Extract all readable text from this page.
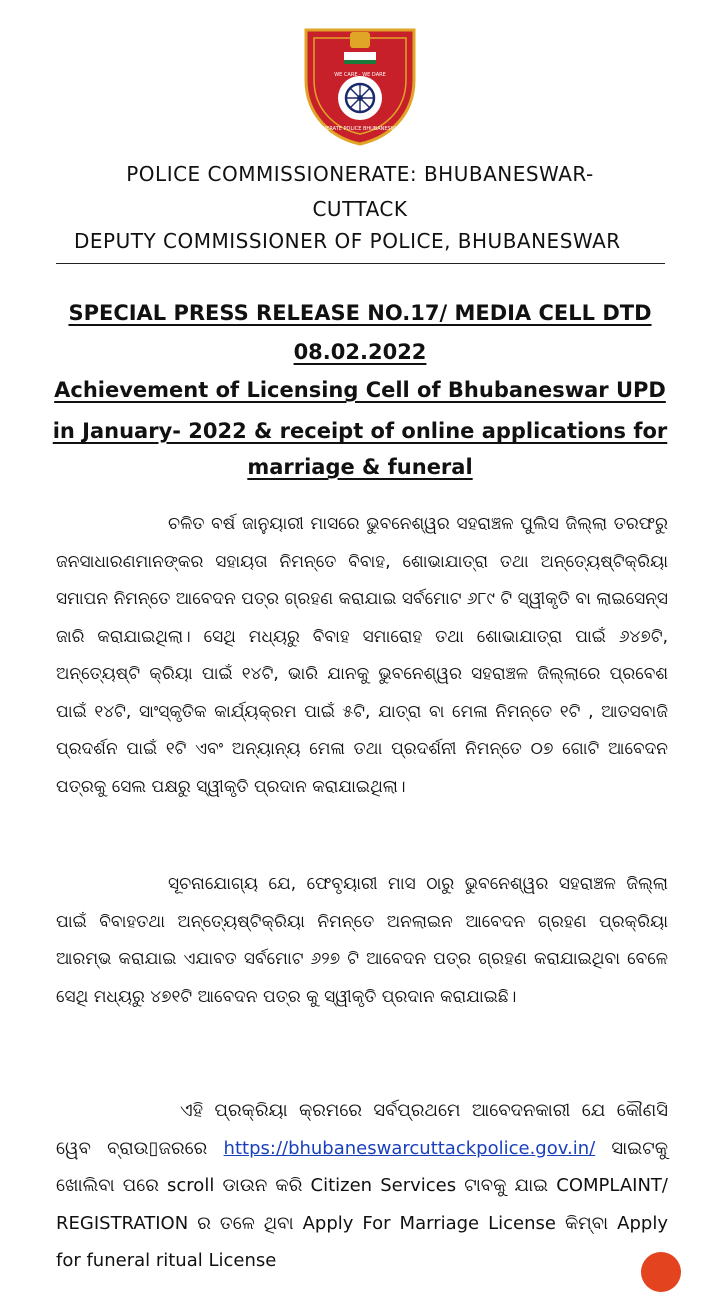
WE CARE · WE DARE
COMMISSIONERATE POLICE BHUBANESWAR CUTTACK
POLICE COMMISSIONERATE: BHUBANESWAR-
CUTTACK
DEPUTY COMMISSIONER OF POLICE, BHUBANESWAR
SPECIAL PRESS RELEASE NO.17/ MEDIA CELL DTD
08.02.2022
Achievement of Licensing Cell of Bhubaneswar UPD
in January- 2022 & receipt of online applications for
marriage & funeral
ଚଳିତ ବର୍ଷ ଜାନୁୟାରୀ ମାସରେ ଭୁବନେଶ୍ୱର ସହରାଞ୍ଚଳ ପୁଲିସ ଜିଲ୍ଲା ତରଫରୁ ଜନସାଧାରଣମାନଙ୍କର ସହାୟତା ନିମନ୍ତେ ବିବାହ, ଶୋଭାଯାତ୍ରା ତଥା ଅନ୍ତ୍ୟେଷ୍ଟିକ୍ରିୟା ସମାପନ ନିମନ୍ତେ ଆବେଦନ ପତ୍ର ଗ୍ରହଣ କରାଯାଇ ସର୍ବମୋଟ ୬୮୯ ଟି ସ୍ୱୀକୃତି ବା ଲାଇସେନ୍ସ ଜାରି କରାଯାଇଥିଲା। ସେଥି ମଧ୍ୟରୁ ବିବାହ ସମାରୋହ ତଥା ଶୋଭାଯାତ୍ରା ପାଇଁ ୬୪୭ଟି, ଅନ୍ତ୍ୟେଷ୍ଟି କ୍ରିୟା ପାଇଁ ୧୪ଟି, ଭାରି ଯାନକୁ ଭୁବନେଶ୍ୱର ସହରାଞ୍ଚଳ ଜିଲ୍ଲାରେ ପ୍ରବେଶ ପାଇଁ ୧୪ଟି, ସାଂସ୍କୃତିକ କାର୍ଯ୍ୟକ୍ରମ ପାଇଁ ୫ଟି, ଯାତ୍ରା ବା ମେଳା ନିମନ୍ତେ ୧ଟି , ଆତସବାଜି ପ୍ରଦର୍ଶନ ପାଇଁ ୧ଟି ଏବଂ ଅନ୍ୟାନ୍ୟ ମେଳା ତଥା ପ୍ରଦର୍ଶନୀ ନିମନ୍ତେ ୦୭ ଗୋଟି ଆବେଦନ ପତ୍ରକୁ ସେଲ ପକ୍ଷରୁ ସ୍ୱୀକୃତି ପ୍ରଦାନ କରାଯାଇଥିଲା।
ସୂଚନାଯୋଗ୍ୟ ଯେ, ଫେବୃୟାରୀ ମାସ ଠାରୁ ଭୁବନେଶ୍ୱର ସହରାଞ୍ଚଳ ଜିଲ୍ଲା ପାଇଁ ବିବାହତଥା ଅନ୍ତ୍ୟେଷ୍ଟିକ୍ରିୟା ନିମନ୍ତେ ଅନଲାଇନ ଆବେଦନ ଗ୍ରହଣ ପ୍ରକ୍ରିୟା ଆରମ୍ଭ କରାଯାଇ ଏଯାବତ ସର୍ବମୋଟ ୬୨୭ ଟି ଆବେଦନ ପତ୍ର ଗ୍ରହଣ କରାଯାଇଥିବା ବେଳେ ସେଥି ମଧ୍ୟରୁ ୪୭୧ଟି ଆବେଦନ ପତ୍ର କୁ ସ୍ୱୀକୃତି ପ୍ରଦାନ କରାଯାଇଛି।
ଏହି ପ୍ରକ୍ରିୟା କ୍ରମରେ ସର୍ବପ୍ରଥମେ ଆବେଦନକାରୀ ଯେ କୌଣସି ୱେବ ବ୍ରାଉ▯ଜରରେ https://bhubaneswarcuttackpolice.gov.in/ ସାଇଟକୁ ଖୋଲିବା ପରେ scroll ଡାଉନ କରି Citizen Services ଟାବକୁ ଯାଇ COMPLAINT/ REGISTRATION ର ତଳେ ଥିବା Apply For Marriage License କିମ୍ବା Apply for funeral ritual License
